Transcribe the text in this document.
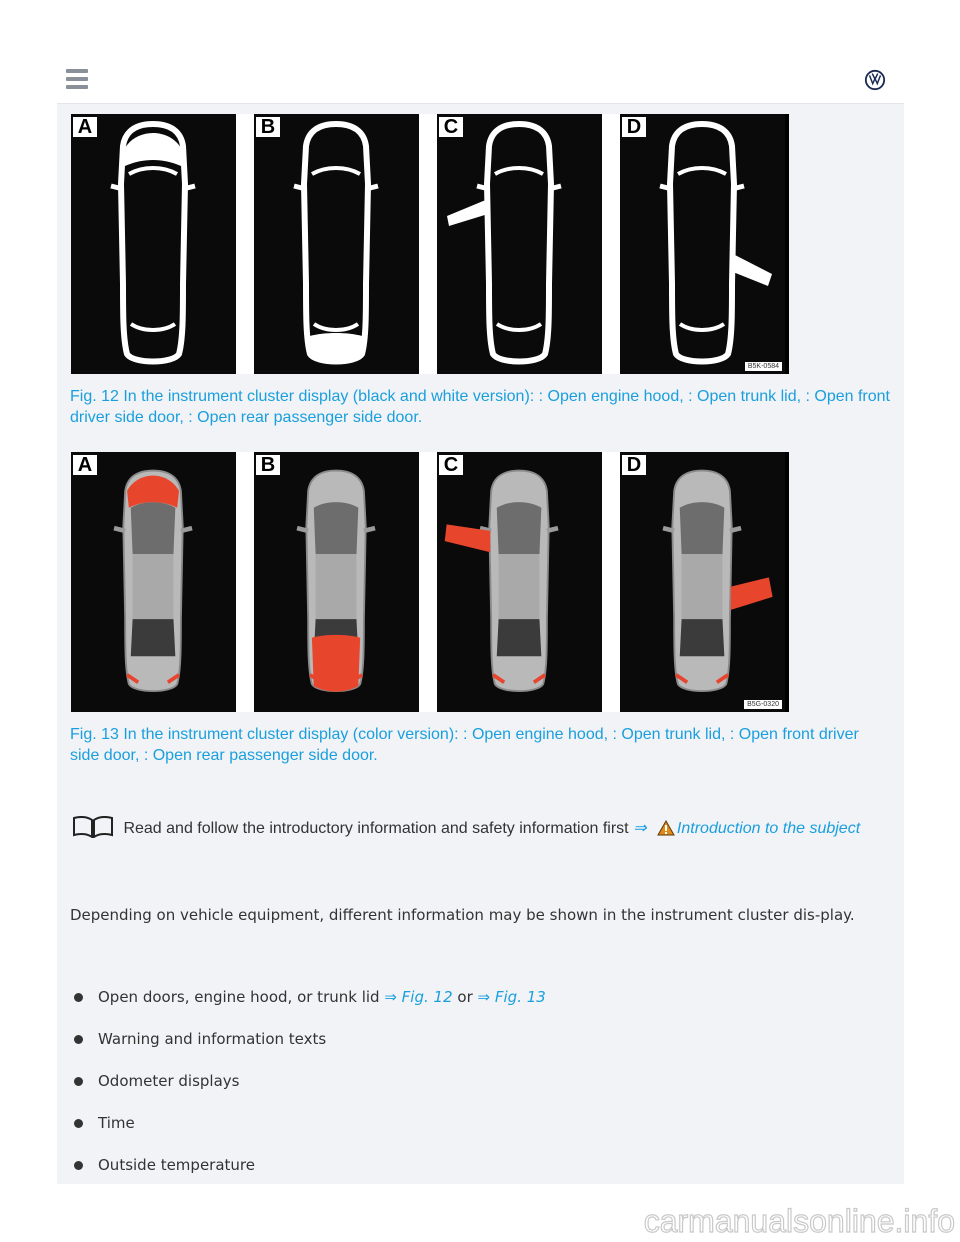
A	B	C	D
B5K-0584
Fig. 12 In the instrument cluster display (black and white version): : Open engine hood, : Open trunk lid, : Open front driver side door, : Open rear passenger side door.
A	B	C	D
B5G-0320
Fig. 13 In the instrument cluster display (color version): : Open engine hood, : Open trunk lid, : Open front driver side door, : Open rear passenger side door.
Read and follow the introductory information and safety information first ⇒ Introduction to the subject
Depending on vehicle equipment, different information may be shown in the instrument cluster dis-play.
Open doors, engine hood, or trunk lid ⇒ Fig. 12 or ⇒ Fig. 13
Warning and information texts
Odometer displays
Time
Outside temperature
carmanualsonline.info
